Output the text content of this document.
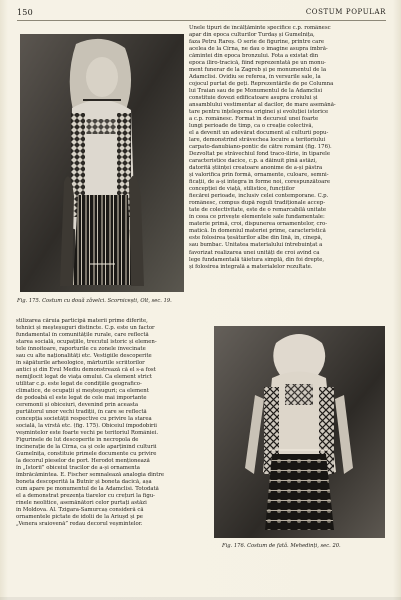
150	COSTUM POPULAR
Fig. 175. Costum cu două zăvelci. Scornicești, Olt, sec. 19.
Unele tipuri de încălțăminte specifice c.p. românesc
apar din epoca culturilor Turdaș și Gumelnița,
faza Petru Rareș. O serie de figurine, printre care
acelea de la Cîrna, ne dau o imagine asupra îmbră-
cămintei din epoca bronzului. Fota a existat din
epoca iliro-tracică, fiind reprezentată pe un monu-
ment funerar de la Zagreb și pe monumentul de la
Adamclisi. Ovidiu se referea, în versurile sale, la
cojocul purtat de geți. Reprezentările de pe Columna
lui Traian sau de pe Monumentul de la Adamclisi
constituie dovezi edificatoare asupra croiului și
ansamblului vestimentar al dacilor, de mare asemănă-
tare pentru înțelegerea originei și evoluției istorice
a c.p. românesc. Format în decursul unei foarte
lungi perioade de timp, ca o creație colectivă,
el a devenit un adevărat document al culturii popu-
lare, demonstrînd străvechea locuire a teritoriului
carpato-danubiano-pontic de către români (fig. 176).
Dezvoltat pe străvechiul fond traco-ilirie, în tiparele
caracteristice dacice, c.p. a dăinuit pînă astăzi,
datorită științei creatoare anonime de a-și păstra
și valorifica prin formă, ornamente, culoare, semni-
ficații, de a-și integra în forme noi, corespunzătoare
concepției de viață, stilistice, funcțiilor
fiecărei perioade, inclusiv celei contemporane. C.p.
românesc, compus după reguli tradiționale accep-
tate de colectivitate, este de o remarcabilă unitate
în ceea ce privește elementele sale fundamentale:
materie primă, croi, dispunerea ornamentelor, cro-
matică. În domeniul materiei prime, caracteristică
este folosirea țesăturilor albe din lînă, in, cînepă,
sau bumbac. Unitatea materialului întrebuințat a
favorizat realizarea unei unități de croi avînd ca
lege fundamentală tăietura simplă, din foi drepte,
și folosirea integrală a materialelor rezultate.
stilizarea căruia participă materii prime diferite,
tehnici și meșteșuguri distincte. C.p. este un factor
fundamental în comunitățile rurale, care reflectă
starea socială, ocupațiile, trecutul istoric și elemen-
tele înnoitoare, raporturile cu zonele învecinate
sau cu alte naționalități etc. Vestigiile descoperite
în săpăturile arheologice, mărturiile scriitorilor
antici și din Evul Mediu demonstrează că el s-a fost
nemijlocit legat de viața omului. Ca element strict
utilitar c.p. este legat de condițiile geografico-
climatice, de ocupații și meșteșuguri; ca element
de podoabă el este legat de cele mai importante
ceremonii și obiceiuri, devenind prin aceasta
purtătorul unor vechi tradiții, în care se reflectă
concepția societății respective cu privire la starea
socială, la vîrstă etc. (fig. 175). Obiceiul împodobirii
veșmintelor este foarte vechi pe teritoriul României.
Figurinele de lut descoperite în necropola de
incinerație de la Cîrna, ca și cele aparținînd culturii
Gumelnița, constituie primele documente cu privire
la decorul pieselor de port. Herodot menționează
în „Istorii” obiceiul tracilor de a-și ornamenta
îmbrăcămintea. E. Fischer semnalează analogia dintre
boneta descoperită la Butnir și boneta dacică, așa
cum apare pe monumentul de la Adamclisi. Totodată
el a demonstrat prezența tiarelor cu crețuri la figu-
rinele neolitice, asemănători celor purtați astăzi
în Moldova. Al. Tzigara-Samurcaș consideră că
ornamentele pictate de idolii de la Ariușd și pe
„Venera sraiovenă” redau decorul veșmintelor.
Fig. 176. Costum de fată. Mehedinți, sec. 20.
